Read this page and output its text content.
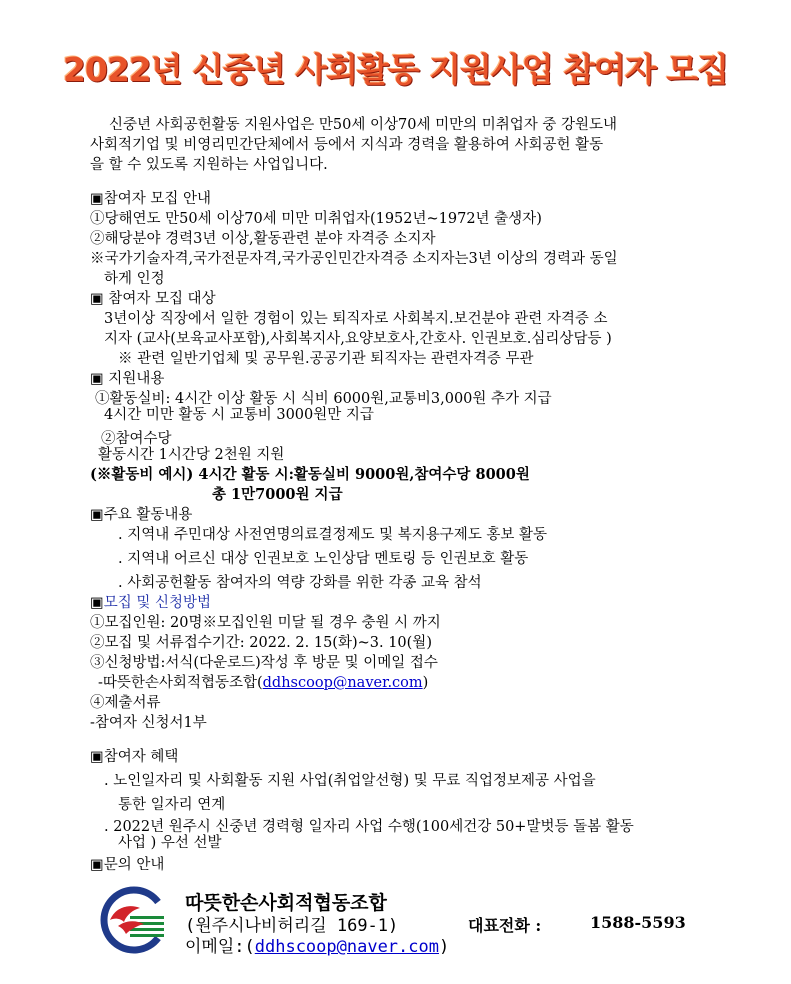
2022년 신중년 사회활동 지원사업 참여자 모집
신중년 사회공헌활동 지원사업은 만50세 이상70세 미만의 미취업자 중 강원도내
사회적기업 및 비영리민간단체에서 등에서 지식과 경력을 활용하여 사회공헌 활동
을 할 수 있도록 지원하는 사업입니다.
▣참여자 모집 안내
①당해연도 만50세 이상70세 미만 미취업자(1952년~1972년 출생자)
②해당분야 경력3년 이상,활동관련 분야 자격증 소지자
※국가기술자격,국가전문자격,국가공인민간자격증 소지자는3년 이상의 경력과 동일
하게 인정
▣ 참여자 모집 대상
3년이상 직장에서 일한 경험이 있는 퇴직자로 사회복지.보건분야 관련 자격증 소
지자 (교사(보육교사포함),사회복지사,요양보호사,간호사. 인권보호.심리상담등 )
※ 관련 일반기업체 및 공무원.공공기관 퇴직자는 관련자격증 무관
▣ 지원내용
①활동실비: 4시간 이상 활동 시 식비 6000원,교통비3,000원 추가 지급
4시간 미만 활동 시 교통비 3000원만 지급
②참여수당
활동시간 1시간당 2천원 지원
(※활동비 예시) 4시간 활동 시:활동실비 9000원,참여수당 8000원
총 1만7000원 지급
▣주요 활동내용
. 지역내 주민대상 사전연명의료결정제도 및 복지용구제도 홍보 활동
. 지역내 어르신 대상 인권보호 노인상담 멘토링 등 인권보호 활동
. 사회공헌활동 참여자의 역량 강화를 위한 각종 교육 참석
▣모집 및 신청방법
①모집인원: 20명※모집인원 미달 될 경우 충원 시 까지
②모집 및 서류접수기간: 2022. 2. 15(화)~3. 10(월)
③신청방법:서식(다운로드)작성 후 방문 및 이메일 접수
-따뜻한손사회적협동조합(ddhscoop@naver.com)
④제출서류
-참여자 신청서1부
▣참여자 혜택
. 노인일자리 및 사회활동 지원 사업(취업알선형) 및 무료 직업정보제공 사업을
통한 일자리 연계
. 2022년 원주시 신중년 경력형 일자리 사업 수행(100세건강 50+말벗등 돌봄 활동
사업 ) 우선 선발
▣문의 안내
따뜻한손사회적협동조합
(원주시나비허리길 169-1)
이메일:(ddhscoop@naver.com)
대표전화 :	1588-5593
